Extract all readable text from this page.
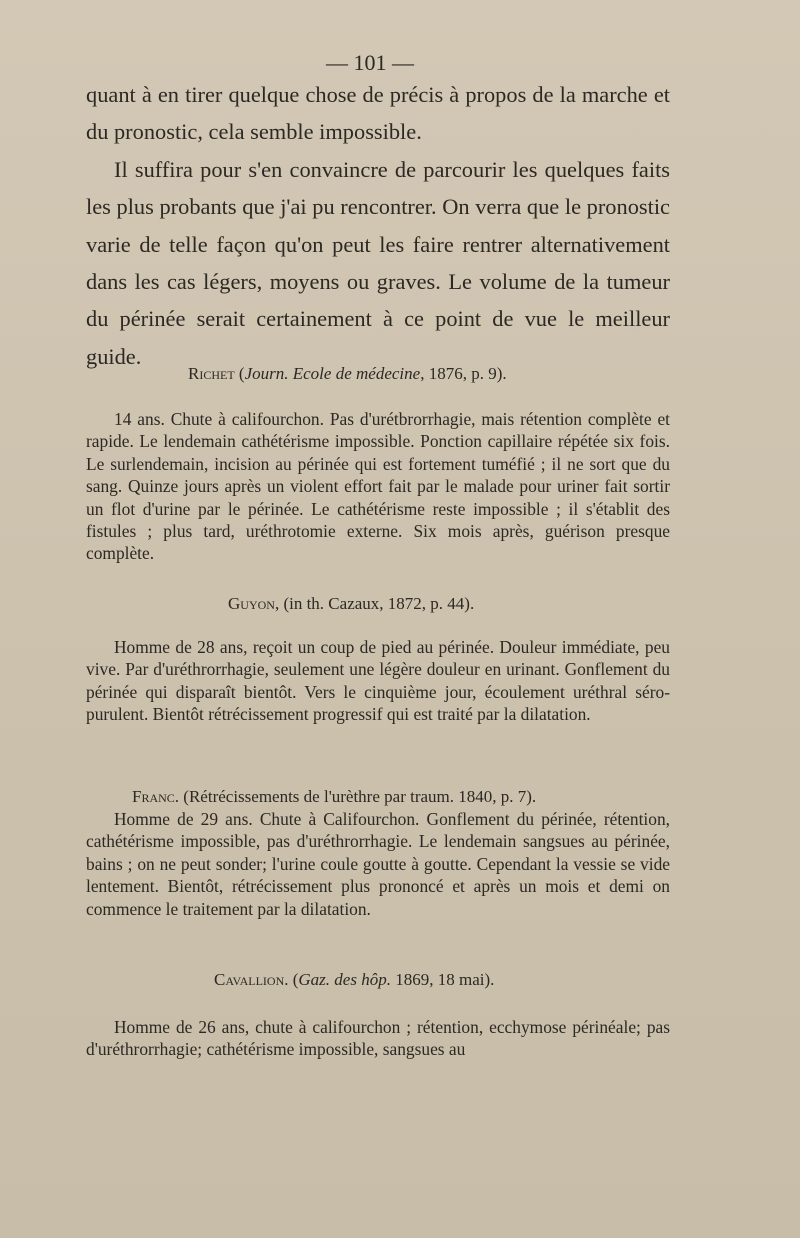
— 101 —

quant à en tirer quelque chose de précis à propos de la marche et du pronostic, cela semble impossible.

Il suffira pour s'en convaincre de parcourir les quelques faits les plus probants que j'ai pu rencontrer. On verra que le pronostic varie de telle façon qu'on peut les faire rentrer alternativement dans les cas légers, moyens ou graves. Le volume de la tumeur du périnée serait certainement à ce point de vue le meilleur guide.

Richet (Journ. Ecole de médecine, 1876, p. 9).

14 ans. Chute à califourchon. Pas d'urétbrorrhagie, mais rétention complète et rapide. Le lendemain cathétérisme impossible. Ponction capillaire répétée six fois. Le surlendemain, incision au périnée qui est fortement tuméfié ; il ne sort que du sang. Quinze jours après un violent effort fait par le malade pour uriner fait sortir un flot d'urine par le périnée. Le cathétérisme reste impossible ; il s'établit des fistules ; plus tard, uréthrotomie externe. Six mois après, guérison presque complète.

Guyon, (in th. Cazaux, 1872, p. 44).

Homme de 28 ans, reçoit un coup de pied au périnée. Douleur immédiate, peu vive. Par d'uréthrorrhagie, seulement une légère douleur en urinant. Gonflement du périnée qui disparaît bientôt. Vers le cinquième jour, écoulement uréthral séro-purulent. Bientôt rétrécissement progressif qui est traité par la dilatation.

Franc. (Rétrécissements de l'urèthre par traum. 1840, p. 7).

Homme de 29 ans. Chute à Califourchon. Gonflement du périnée, rétention, cathétérisme impossible, pas d'uréthrorrhagie. Le lendemain sangsues au périnée, bains ; on ne peut sonder; l'urine coule goutte à goutte. Cependant la vessie se vide lentement. Bientôt, rétrécissement plus prononcé et après un mois et demi on commence le traitement par la dilatation.

Cavallion. (Gaz. des hôp. 1869, 18 mai).

Homme de 26 ans, chute à califourchon ; rétention, ecchymose périnéale; pas d'uréthrorrhagie; cathétérisme impossible, sangsues au
